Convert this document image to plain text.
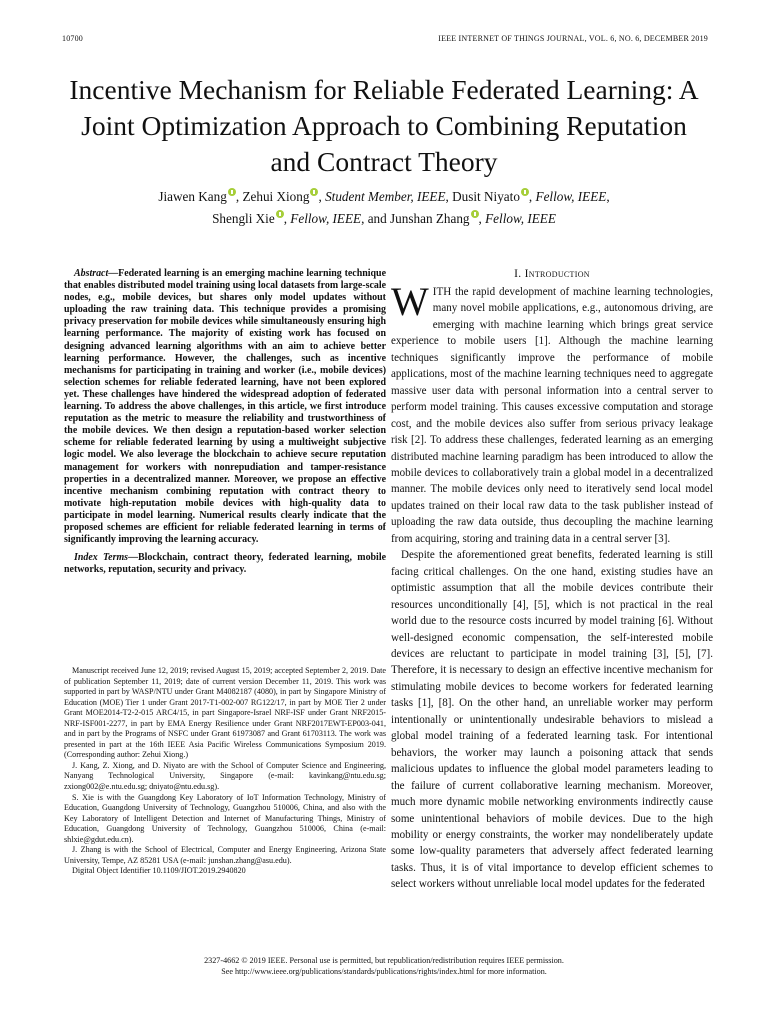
10700	IEEE INTERNET OF THINGS JOURNAL, VOL. 6, NO. 6, DECEMBER 2019
Incentive Mechanism for Reliable Federated Learning: A Joint Optimization Approach to Combining Reputation and Contract Theory
Jiawen Kang , Zehui Xiong , Student Member, IEEE, Dusit Niyato , Fellow, IEEE,
Shengli Xie , Fellow, IEEE, and Junshan Zhang , Fellow, IEEE

Abstract—Federated learning is an emerging machine learning technique that enables distributed model training using local datasets from large-scale nodes, e.g., mobile devices, but shares only model updates without uploading the raw training data. This technique provides a promising privacy preservation for mobile devices while simultaneously ensuring high learning performance. The majority of existing work has focused on designing advanced learning algorithms with an aim to achieve better learning performance. However, the challenges, such as incentive mechanisms for participating in training and worker (i.e., mobile devices) selection schemes for reliable federated learning, have not been explored yet. These challenges have hindered the widespread adoption of federated learning. To address the above challenges, in this article, we first introduce reputation as the metric to measure the reliability and trustworthiness of the mobile devices. We then design a reputation-based worker selection scheme for reliable federated learning by using a multiweight subjective logic model. We also leverage the blockchain to achieve secure reputation management for workers with nonrepudiation and tamper-resistance properties in a decentralized manner. Moreover, we propose an effective incentive mechanism combining reputation with contract theory to motivate high-reputation mobile devices with high-quality data to participate in model learning. Numerical results clearly indicate that the proposed schemes are efficient for reliable federated learning in terms of significantly improving the learning accuracy.

Index Terms—Blockchain, contract theory, federated learning, mobile networks, reputation, security and privacy.

Manuscript received June 12, 2019; revised August 15, 2019; accepted September 2, 2019. Date of publication September 11, 2019; date of current version December 11, 2019. This work was supported in part by WASP/NTU under Grant M4082187 (4080), in part by Singapore Ministry of Education (MOE) Tier 1 under Grant 2017-T1-002-007 RG122/17, in part by MOE Tier 2 under Grant MOE2014-T2-2-015 ARC4/15, in part Singapore-Israel NRF-ISF under Grant NRF2015-NRF-ISF001-2277, in part by EMA Energy Resilience under Grant NRF2017EWT-EP003-041, and in part by the Programs of NSFC under Grant 61973087 and Grant 61703113. The work was presented in part at the 16th IEEE Asia Pacific Wireless Communications Symposium 2019. (Corresponding author: Zehui Xiong.)

J. Kang, Z. Xiong, and D. Niyato are with the School of Computer Science and Engineering, Nanyang Technological University, Singapore (e-mail: kavinkang@ntu.edu.sg; zxiong002@e.ntu.edu.sg; dniyato@ntu.edu.sg).

S. Xie is with the Guangdong Key Laboratory of IoT Information Technology, Ministry of Education, Guangdong University of Technology, Guangzhou 510006, China, and also with the Key Laboratory of Intelligent Detection and Internet of Manufacturing Things, Ministry of Education, Guangdong University of Technology, Guangzhou 510006, China (e-mail: shlxie@gdut.edu.cn).

J. Zhang is with the School of Electrical, Computer and Energy Engineering, Arizona State University, Tempe, AZ 85281 USA (e-mail: junshan.zhang@asu.edu).

Digital Object Identifier 10.1109/JIOT.2019.2940820

I. Introduction

WITH the rapid development of machine learning technologies, many novel mobile applications, e.g., autonomous driving, are emerging with machine learning which brings great service experience to mobile users [1]. Although the machine learning techniques significantly improve the performance of mobile applications, most of the machine learning techniques need to aggregate massive user data with personal information into a central server to perform model training. This causes excessive computation and storage cost, and the mobile devices also suffer from serious privacy leakage risk [2]. To address these challenges, federated learning as an emerging distributed machine learning paradigm has been introduced to allow the mobile devices to collaboratively train a global model in a decentralized manner. The mobile devices only need to iteratively send local model updates trained on their local raw data to the task publisher instead of uploading the raw data outside, thus decoupling the machine learning from acquiring, storing and training data in a central server [3].

Despite the aforementioned great benefits, federated learning is still facing critical challenges. On the one hand, existing studies have an optimistic assumption that all the mobile devices contribute their resources unconditionally [4], [5], which is not practical in the real world due to the resource costs incurred by model training [6]. Without well-designed economic compensation, the self-interested mobile devices are reluctant to participate in model training [3], [5], [7]. Therefore, it is necessary to design an effective incentive mechanism for stimulating mobile devices to become workers for federated learning tasks [1], [8]. On the other hand, an unreliable worker may perform intentionally or unintentionally undesirable behaviors to mislead a global model training of a federated learning task. For intentional behaviors, the worker may launch a poisoning attack that sends malicious updates to influence the global model parameters leading to the failure of current collaborative learning mechanism. Moreover, much more dynamic mobile networking environments indirectly cause some unintentional behaviors of mobile devices. Due to the high mobility or energy constraints, the worker may nondeliberately update some low-quality parameters that adversely affect federated learning tasks. Thus, it is of vital importance to develop efficient schemes to select workers without unreliable local model updates for the federated

2327-4662 © 2019 IEEE. Personal use is permitted, but republication/redistribution requires IEEE permission.
See http://www.ieee.org/publications/standards/publications/rights/index.html for more information.
